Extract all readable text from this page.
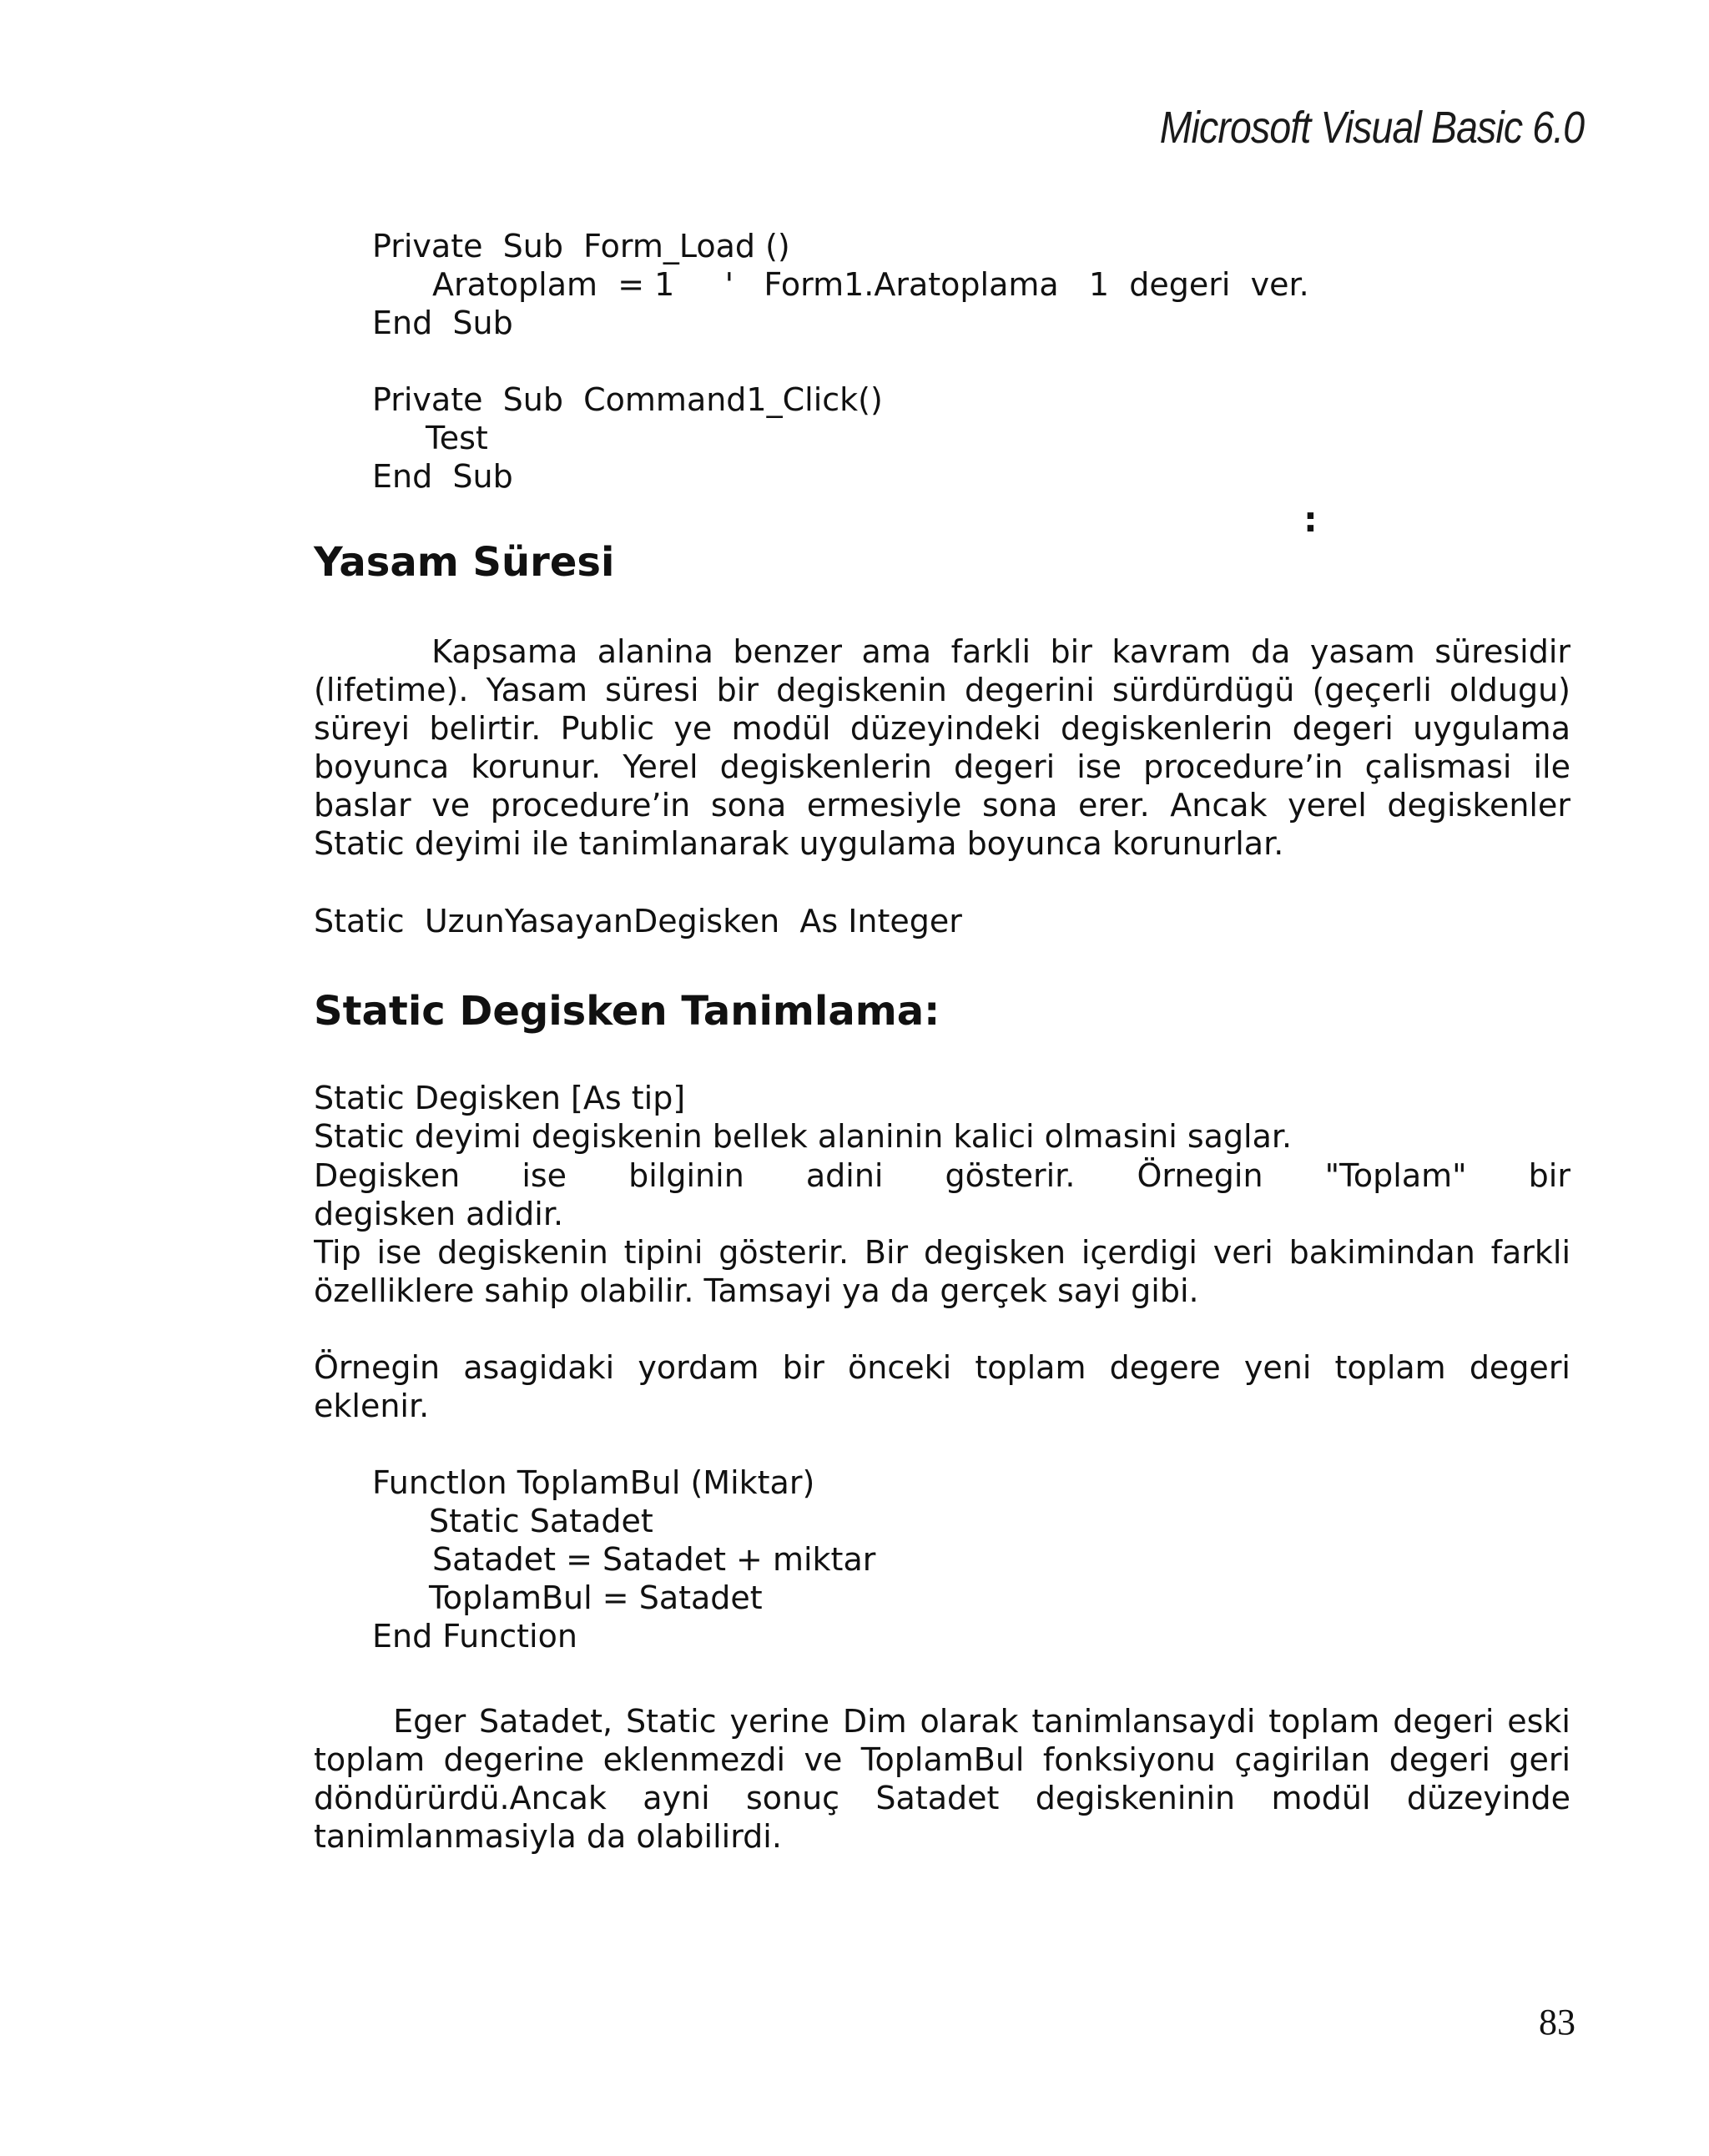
Microsoft Visual Basic 6.0
Private  Sub  Form_Load ()
Aratoplam  = 1     '   Form1.Aratoplama   1  degeri  ver.
End  Sub
Private  Sub  Command1_Click()
Test
End  Sub
:
Yasam Süresi
Kapsama alanina benzer ama farkli bir kavram da yasam süresidir
(lifetime). Yasam süresi bir degiskenin degerini sürdürdügü (geçerli oldugu)
süreyi belirtir. Public ye modül düzeyindeki degiskenlerin degeri uygulama
boyunca korunur. Yerel degiskenlerin degeri ise procedure’in çalismasi ile
baslar ve procedure’in sona ermesiyle sona erer. Ancak yerel degiskenler
Static deyimi ile tanimlanarak uygulama boyunca korunurlar.
Static  UzunYasayanDegisken  As Integer
Static Degisken Tanimlama:
Static Degisken [As tip]
Static deyimi degiskenin bellek alaninin kalici olmasini saglar.
Degisken ise bilginin adini gösterir. Örnegin "Toplam" bir
degisken adidir.
Tip ise degiskenin tipini gösterir. Bir degisken içerdigi veri bakimindan farkli
özelliklere sahip olabilir. Tamsayi ya da gerçek sayi gibi.
Örnegin asagidaki yordam bir önceki toplam degere yeni toplam degeri
eklenir.
Functlon ToplamBul (Miktar)
Static Satadet
Satadet = Satadet + miktar
ToplamBul = Satadet
End Function
Eger Satadet, Static yerine Dim olarak tanimlansaydi toplam degeri eski
toplam degerine eklenmezdi ve ToplamBul fonksiyonu çagirilan degeri geri
döndürürdü.Ancak ayni sonuç Satadet degiskeninin modül düzeyinde
tanimlanmasiyla da olabilirdi.
83
